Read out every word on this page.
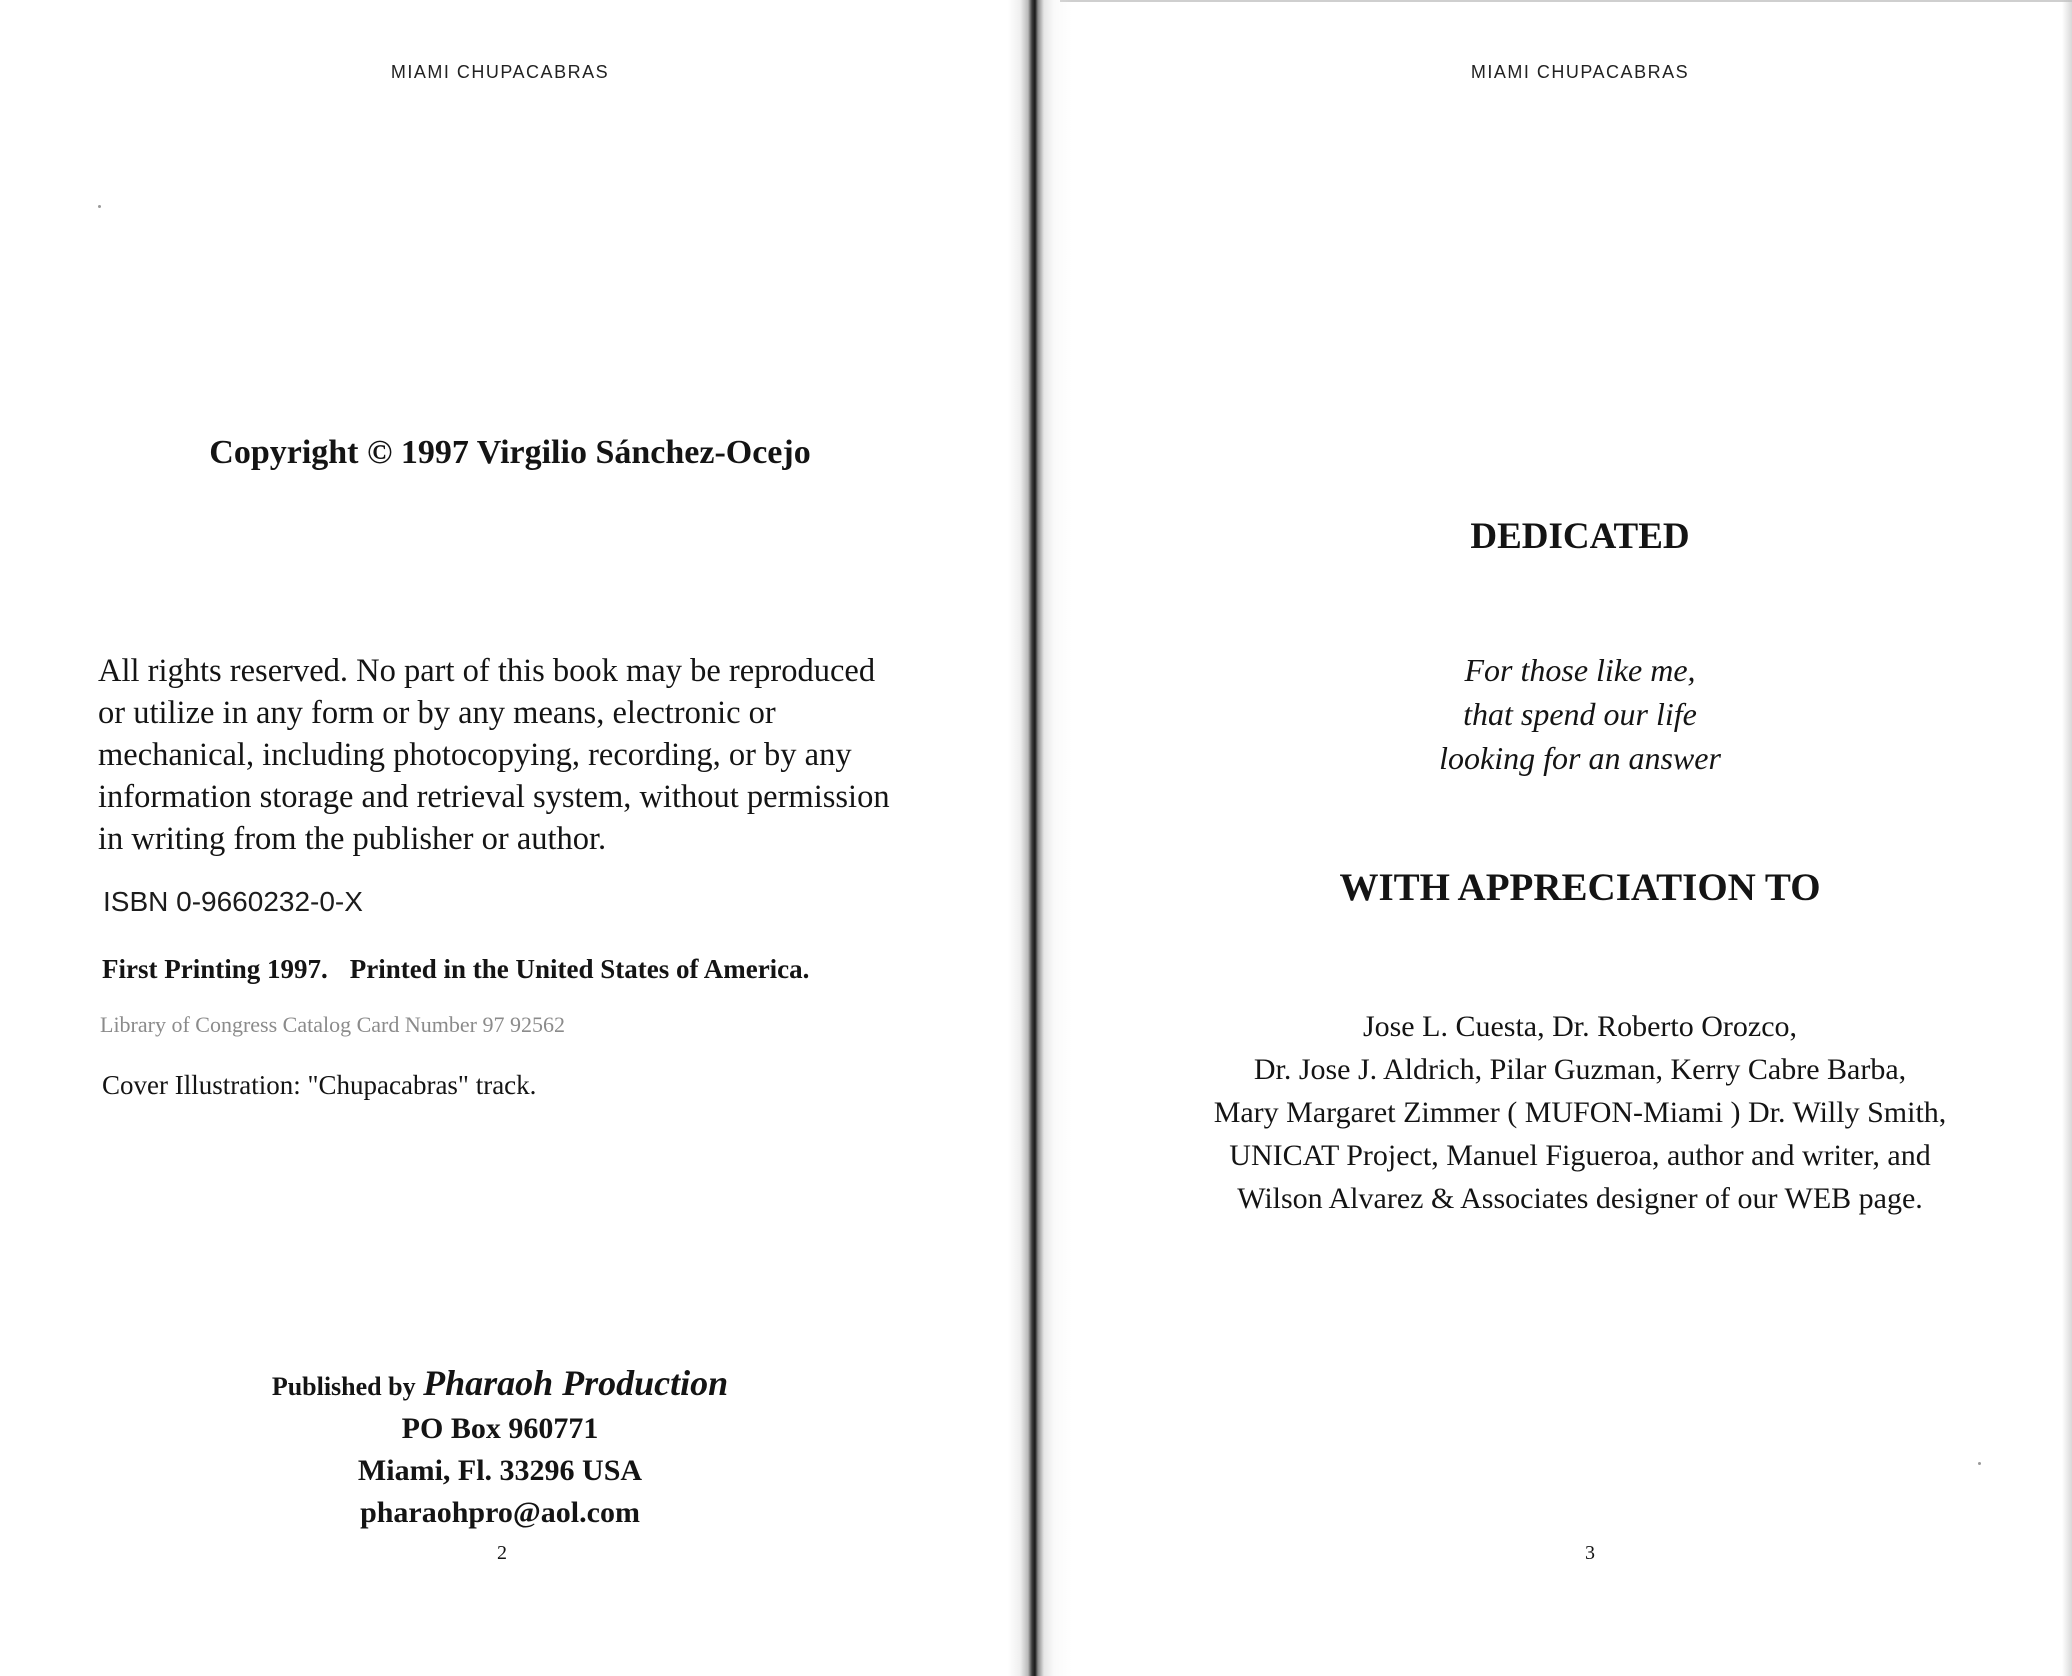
MIAMI CHUPACABRAS
Copyright © 1997 Virgilio Sánchez-Ocejo
All rights reserved. No part of this book may be reproduced
or utilize in any form or by any means, electronic or
mechanical, including photocopying, recording, or by any
information storage and retrieval system, without permission
in writing from the publisher or author.
ISBN 0-9660232-0-X
First Printing 1997. Printed in the United States of America.
Library of Congress Catalog Card Number 97 92562
Cover Illustration: "Chupacabras" track.
Published by Pharaoh Production
PO Box 960771
Miami, Fl. 33296 USA
pharaohpro@aol.com
2
MIAMI CHUPACABRAS
DEDICATED
For those like me,
that spend our life
looking for an answer
WITH APPRECIATION TO
Jose L. Cuesta, Dr. Roberto Orozco,
Dr. Jose J. Aldrich, Pilar Guzman, Kerry Cabre Barba,
Mary Margaret Zimmer ( MUFON-Miami ) Dr. Willy Smith,
UNICAT Project, Manuel Figueroa, author and writer, and
Wilson Alvarez & Associates designer of our WEB page.
3
